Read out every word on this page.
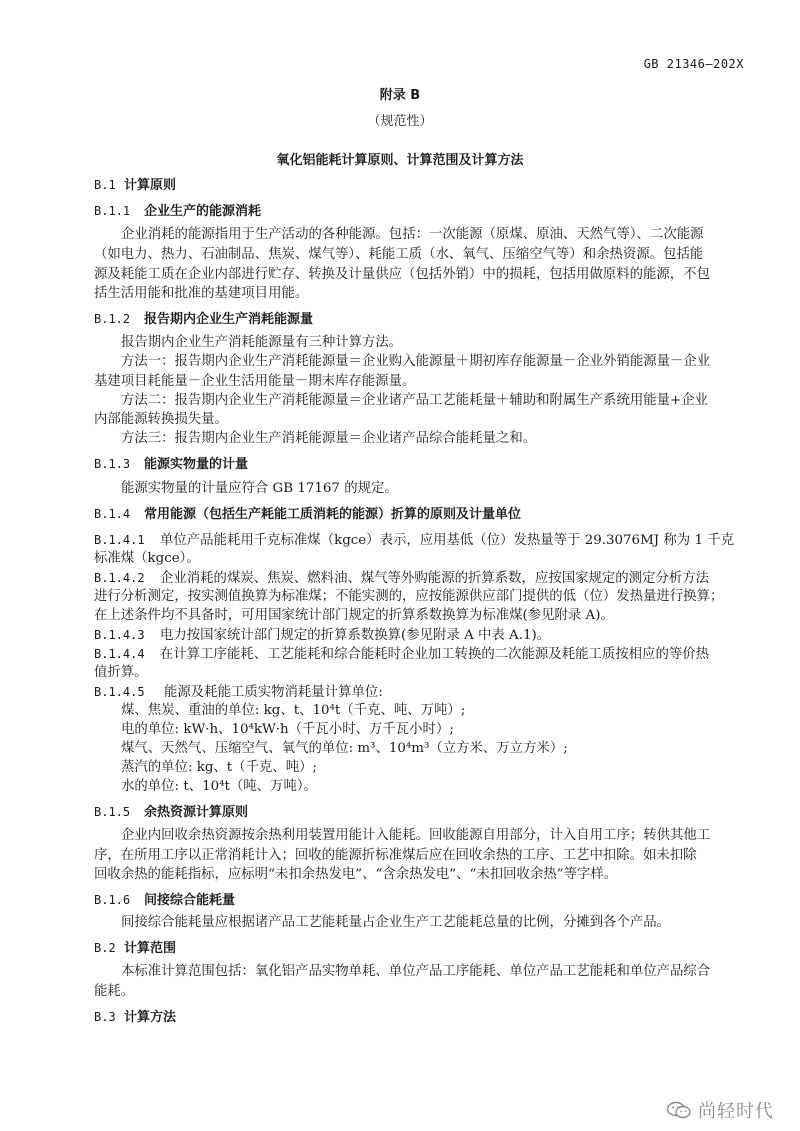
GB 21346—202X
附录 B
（规范性）
氧化铝能耗计算原则、计算范围及计算方法
B.1 计算原则
B.1.1 企业生产的能源消耗
企业消耗的能源指用于生产活动的各种能源。包括：一次能源（原煤、原油、天然气等）、二次能源
（如电力、热力、石油制品、焦炭、煤气等）、耗能工质（水、氧气、压缩空气等）和余热资源。包括能
源及耗能工质在企业内部进行贮存、转换及计量供应（包括外销）中的损耗，包括用做原料的能源，不包
括生活用能和批准的基建项目用能。
B.1.2 报告期内企业生产消耗能源量
报告期内企业生产消耗能源量有三种计算方法。
方法一：报告期内企业生产消耗能源量＝企业购入能源量＋期初库存能源量－企业外销能源量－企业
基建项目耗能量－企业生活用能量－期末库存能源量。
方法二：报告期内企业生产消耗能源量＝企业诸产品工艺能耗量＋辅助和附属生产系统用能量+企业
内部能源转换损失量。
方法三：报告期内企业生产消耗能源量＝企业诸产品综合能耗量之和。
B.1.3 能源实物量的计量
能源实物量的计量应符合 GB 17167 的规定。
B.1.4 常用能源（包括生产耗能工质消耗的能源）折算的原则及计量单位
B.1.4.1 单位产品能耗用千克标准煤（kgce）表示，应用基低（位）发热量等于 29.3076MJ 称为 1 千克
标准煤（kgce）。
B.1.4.2 企业消耗的煤炭、焦炭、燃料油、煤气等外购能源的折算系数，应按国家规定的测定分析方法
进行分析测定，按实测值换算为标准煤；不能实测的，应按能源供应部门提供的低（位）发热量进行换算；
在上述条件均不具备时，可用国家统计部门规定的折算系数换算为标准煤(参见附录 A)。
B.1.4.3 电力按国家统计部门规定的折算系数换算(参见附录 A 中表 A.1)。
B.1.4.4 在计算工序能耗、工艺能耗和综合能耗时企业加工转换的二次能源及耗能工质按相应的等价热
值折算。
B.1.4.5 能源及耗能工质实物消耗量计算单位:
煤、焦炭、重油的单位: kg、t、10⁴t（千克、吨、万吨）;
电的单位: kW·h、10⁴kW·h（千瓦小时、万千瓦小时）;
煤气、天然气、压缩空气、氧气的单位: m³、10⁴m³（立方米、万立方米）;
蒸汽的单位: kg、t（千克、吨）;
水的单位: t、10⁴t（吨、万吨）。
B.1.5 余热资源计算原则
企业内回收余热资源按余热利用装置用能计入能耗。回收能源自用部分，计入自用工序；转供其他工
序，在所用工序以正常消耗计入；回收的能源折标准煤后应在回收余热的工序、工艺中扣除。如未扣除
回收余热的能耗指标，应标明“未扣余热发电”、“含余热发电”、“未扣回收余热”等字样。
B.1.6 间接综合能耗量
间接综合能耗量应根据诸产品工艺能耗量占企业生产工艺能耗总量的比例，分摊到各个产品。
B.2 计算范围
本标准计算范围包括：氧化铝产品实物单耗、单位产品工序能耗、单位产品工艺能耗和单位产品综合
能耗。
B.3 计算方法
尚轻时代
